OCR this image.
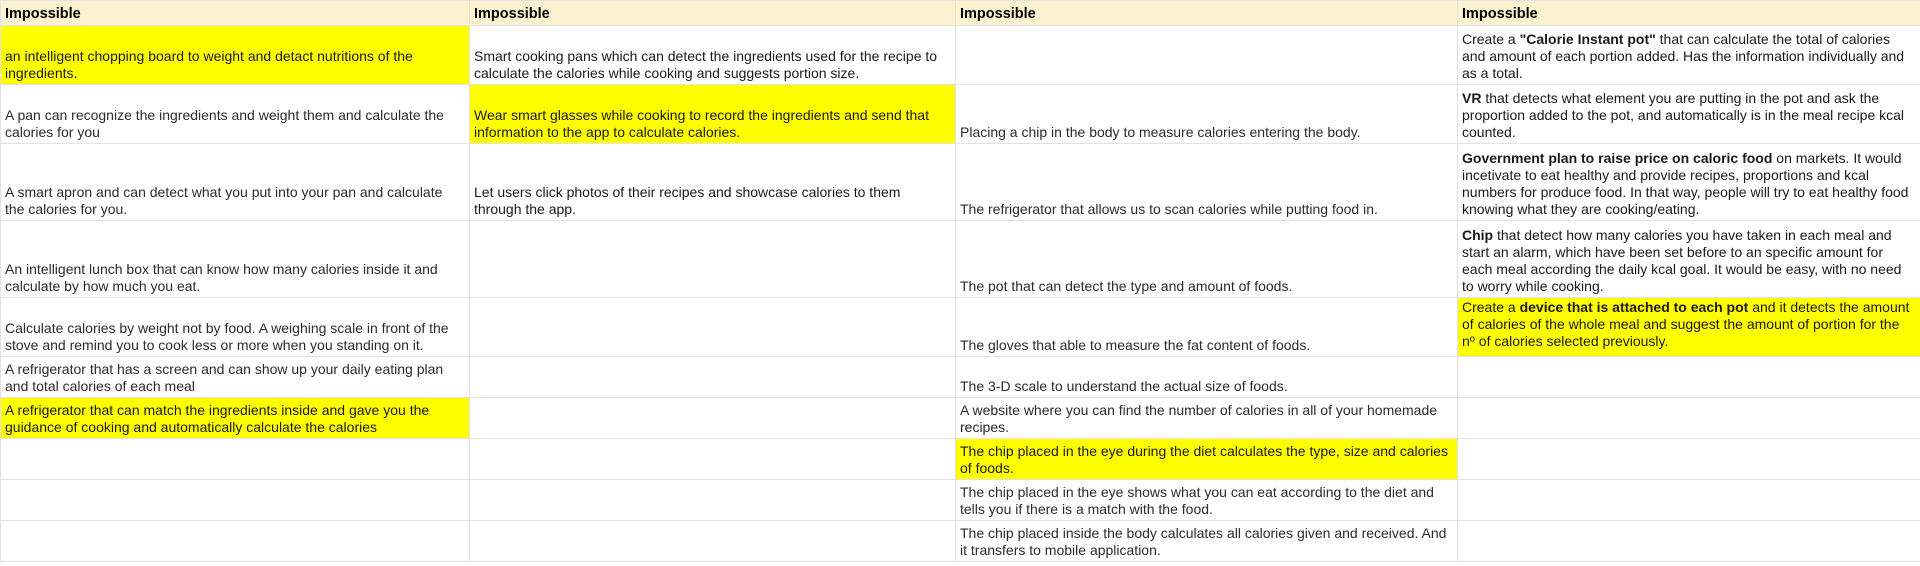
Impossible	Impossible	Impossible	Impossible
an intelligent chopping board to weight and detact nutritions of the ingredients.	Smart cooking pans which can detect the ingredients used for the recipe to calculate the calories while cooking and suggests portion size.		Create a "Calorie Instant pot" that can calculate the total of calories and amount of each portion added. Has the information individually and as a total.
A pan can recognize the ingredients and weight them and calculate the calories for you	Wear smart glasses while cooking to record the ingredients and send that information to the app to calculate calories.	Placing a chip in the body to measure calories entering the body.	VR that detects what element you are putting in the pot and ask the proportion added to the pot, and automatically is in the meal recipe kcal counted.
A smart apron and can detect what you put into your pan and calculate the calories for you.	Let users click photos of their recipes and showcase calories to them through the app.	The refrigerator that allows us to scan calories while putting food in.	Government plan to raise price on caloric food on markets. It would incetivate to eat healthy and provide recipes, proportions and kcal numbers for produce food. In that way, people will try to eat healthy food knowing what they are cooking/eating.
An intelligent lunch box that can know how many calories inside it and calculate by how much you eat.		The pot that can detect the type and amount of foods.	Chip that detect how many calories you have taken in each meal and start an alarm, which have been set before to an specific amount for each meal according the daily kcal goal. It would be easy, with no need to worry while cooking.
Calculate calories by weight not by food. A weighing scale in front of the stove and remind you to cook less or more when you standing on it.		The gloves that able to measure the fat content of foods.	Create a device that is attached to each pot and it detects the amount of calories of the whole meal and suggest the amount of portion for the nº of calories selected previously.
A refrigerator that has a screen and can show up your daily eating plan and total calories of each meal		The 3-D scale to understand the actual size of foods.	
A refrigerator that can match the ingredients inside and gave you the guidance of cooking and automatically calculate the calories		A website where you can find the number of calories in all of your homemade recipes.	
		The chip placed in the eye during the diet calculates the type, size and calories of foods.	
		The chip placed in the eye shows what you can eat according to the diet and tells you if there is a match with the food.	
		The chip placed inside the body calculates all calories given and received. And it transfers to mobile application.	
